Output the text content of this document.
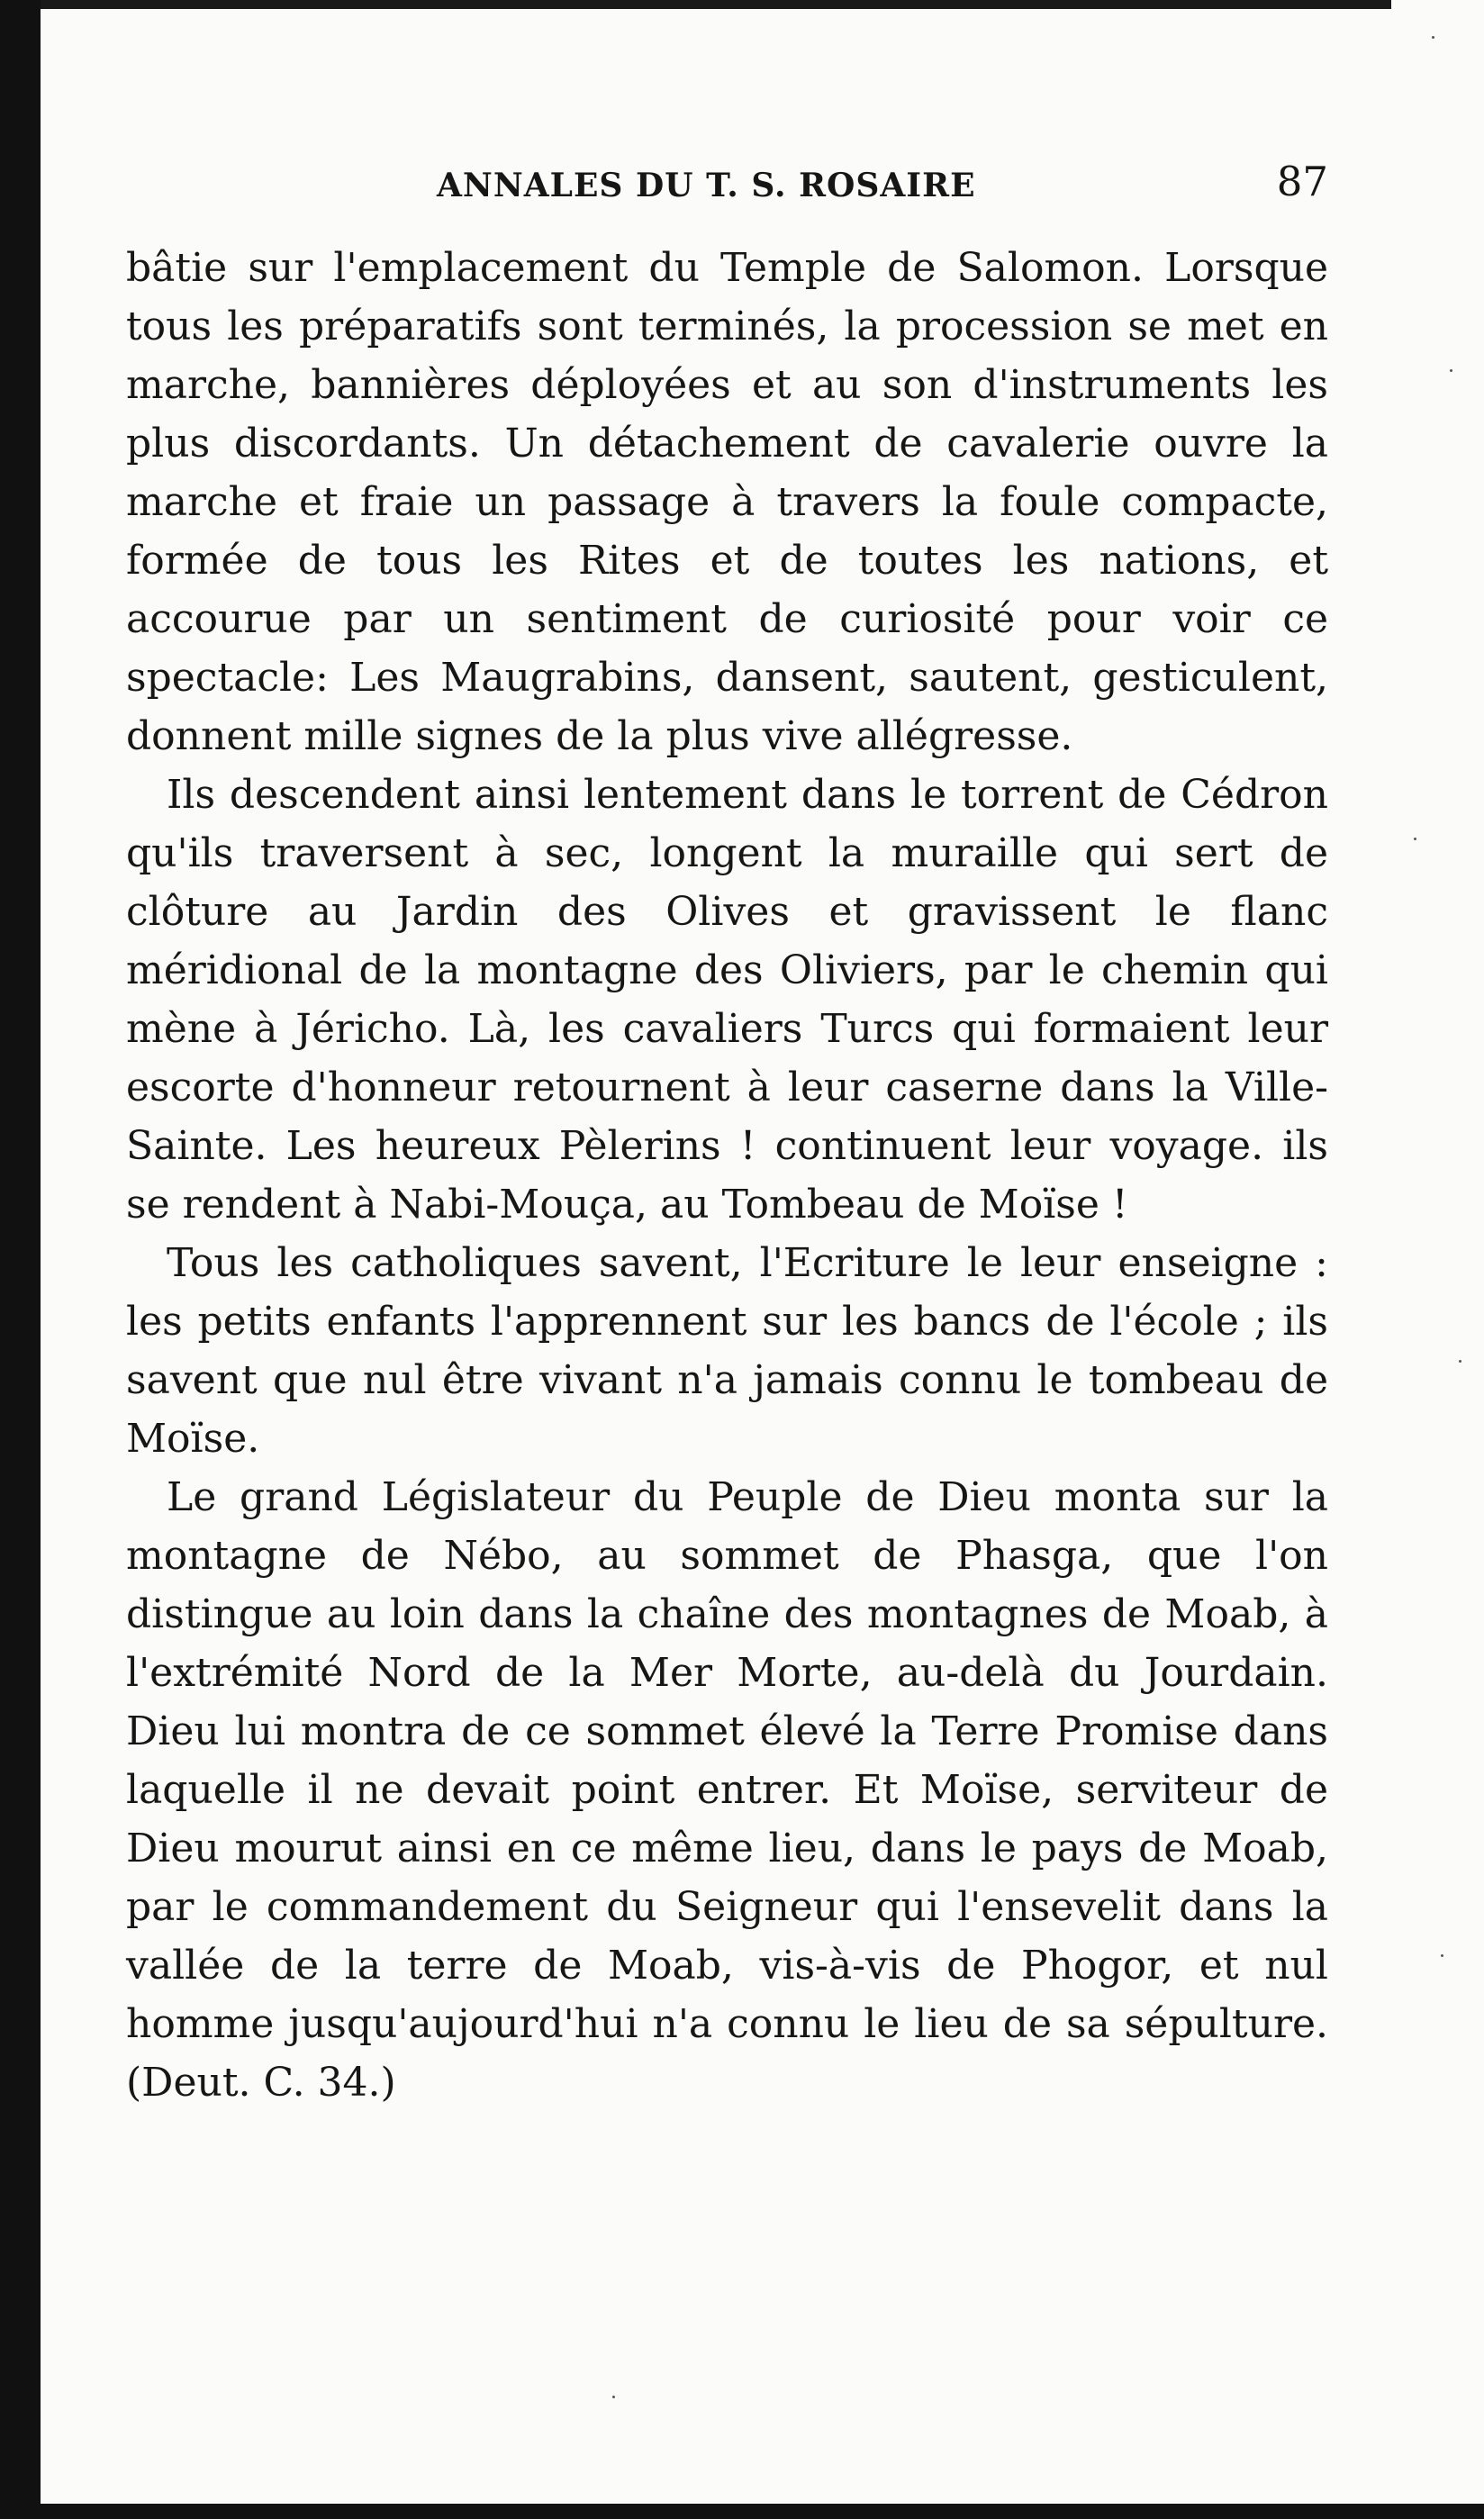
ANNALES DU T. S. ROSAIRE	87

bâtie sur l'emplacement du Temple de Salomon. Lorsque tous les préparatifs sont terminés, la procession se met en marche, bannières déployées et au son d'instruments les plus discordants. Un détachement de cavalerie ouvre la marche et fraie un passage à travers la foule compacte, formée de tous les Rites et de toutes les nations, et accourue par un sentiment de curiosité pour voir ce spectacle: Les Maugrabins, dansent, sautent, gesticulent, donnent mille signes de la plus vive allégresse.

Ils descendent ainsi lentement dans le torrent de Cédron qu'ils traversent à sec, longent la muraille qui sert de clôture au Jardin des Olives et gravissent le flanc méridional de la montagne des Oliviers, par le chemin qui mène à Jéricho. Là, les cavaliers Turcs qui formaient leur escorte d'honneur retournent à leur caserne dans la Ville-Sainte. Les heureux Pèlerins ! continuent leur voyage. ils se rendent à Nabi-Mouça, au Tombeau de Moïse !

Tous les catholiques savent, l'Ecriture le leur enseigne : les petits enfants l'apprennent sur les bancs de l'école ; ils savent que nul être vivant n'a jamais connu le tombeau de Moïse.

Le grand Législateur du Peuple de Dieu monta sur la montagne de Nébo, au sommet de Phasga, que l'on distingue au loin dans la chaîne des montagnes de Moab, à l'extrémité Nord de la Mer Morte, au-delà du Jourdain. Dieu lui montra de ce sommet élevé la Terre Promise dans laquelle il ne devait point entrer. Et Moïse, serviteur de Dieu mourut ainsi en ce même lieu, dans le pays de Moab, par le commandement du Seigneur qui l'ensevelit dans la vallée de la terre de Moab, vis-à-vis de Phogor, et nul homme jusqu'aujourd'hui n'a connu le lieu de sa sépulture. (Deut. C. 34.)
